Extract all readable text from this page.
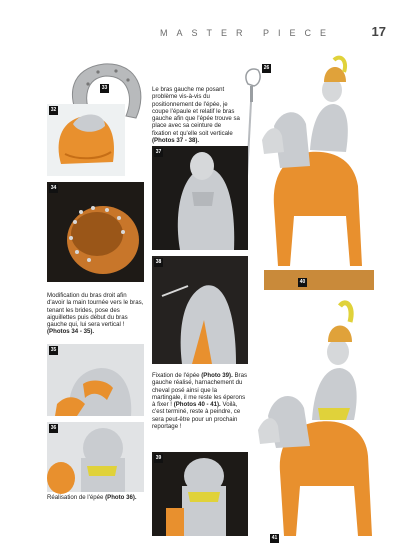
MASTER PIECE	17
33
32
34
Modification du bras droit afin d'avoir la main tournée vers le bras, tenant les brides, pose des aiguillettes puis début du bras gauche qui, lui sera vertical ! (Photos 34 - 35).
35
36
Réalisation de l'épée (Photo 36).
Le bras gauche me posant problème vis-à-vis du positionnement de l'épée, je coupe l'épaule et relatif le bras gauche afin que l'épée trouve sa place avec sa ceinture de fixation et qu'elle soit verticale (Photos 37 - 38).
26
37
38
Fixation de l'épée (Photo 39). Bras gauche réalisé, harnachement du cheval posé ainsi que la martingale, il me reste les éperons à fixer ! (Photos 40 - 41). Voilà, c'est terminé, reste à peindre, ce sera peut-être pour un prochain reportage !
39
40
41
